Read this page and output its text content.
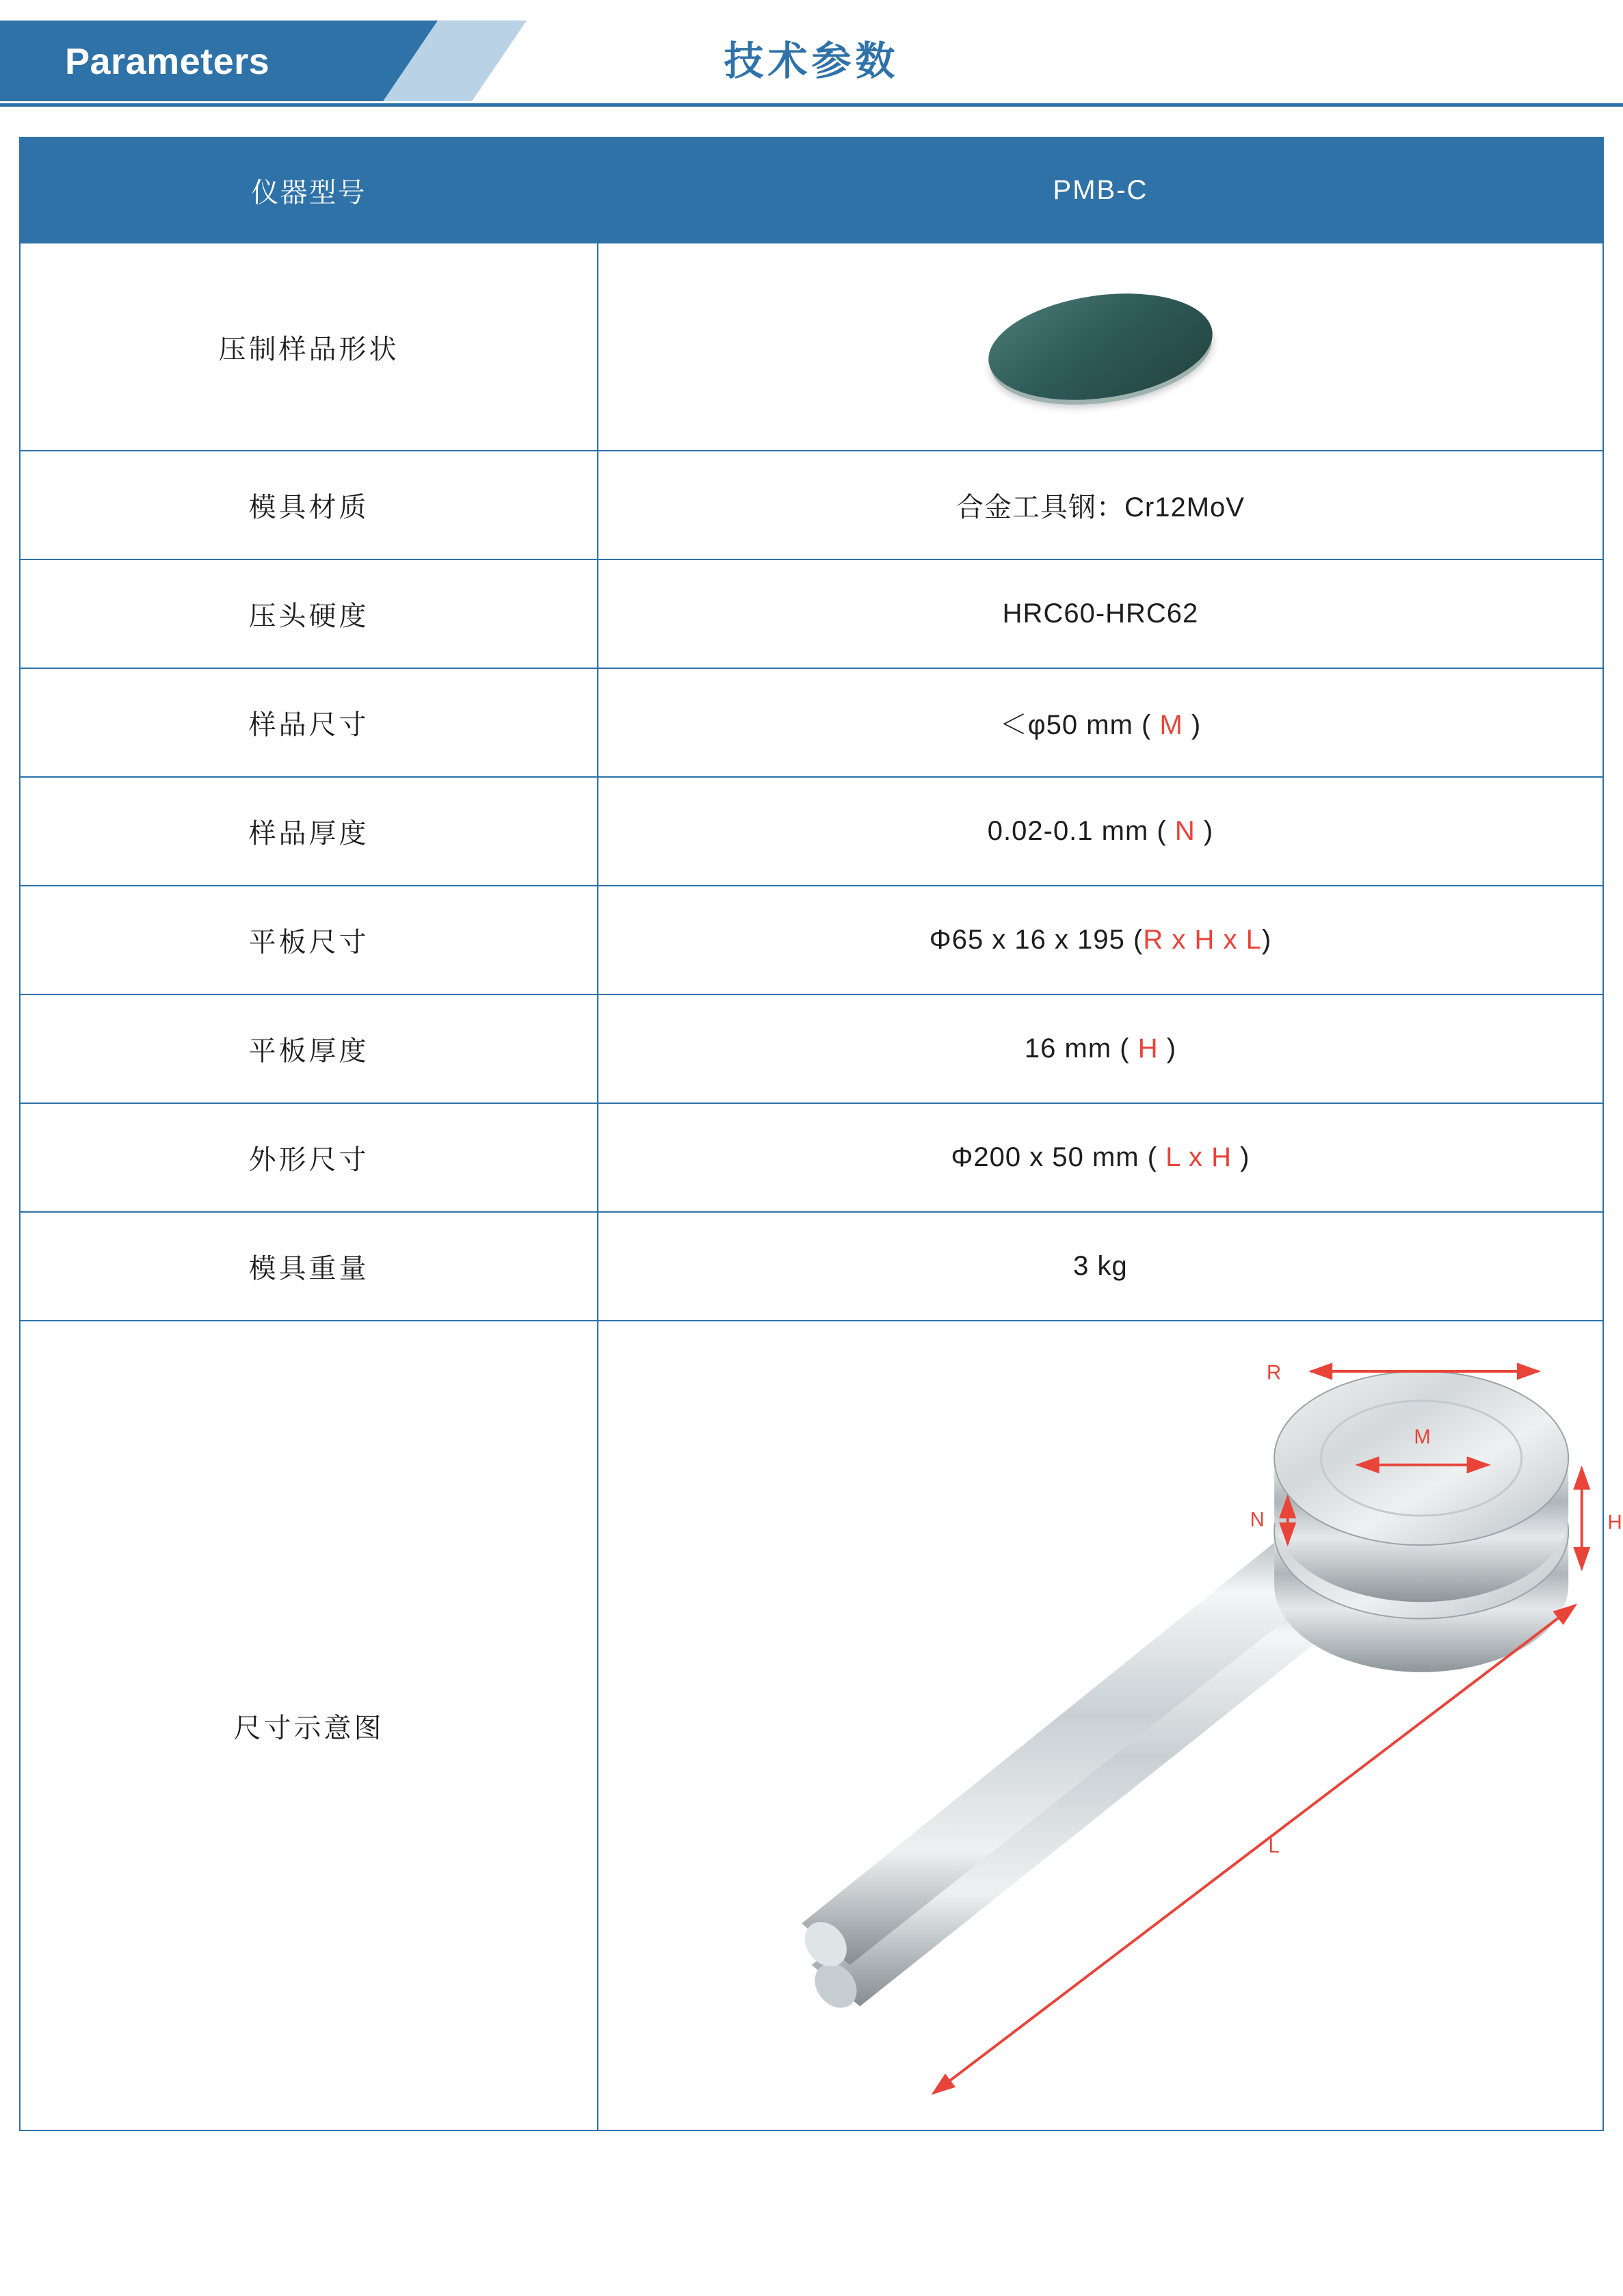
Parameters	技术参数
仪器型号	PMB-C
压制样品形状	

模具材质	合金工具钢：Cr12MoV
压头硬度	HRC60-HRC62
样品尺寸	＜φ50 mm ( M )
样品厚度	0.02-0.1 mm ( N )
平板尺寸	Φ65 x 16 x 195 (R x H x L)
平板厚度	16 mm ( H )
外形尺寸	Φ200 x 50 mm ( L x H )
模具重量	3 kg
尺寸示意图	R
M
N H
L
